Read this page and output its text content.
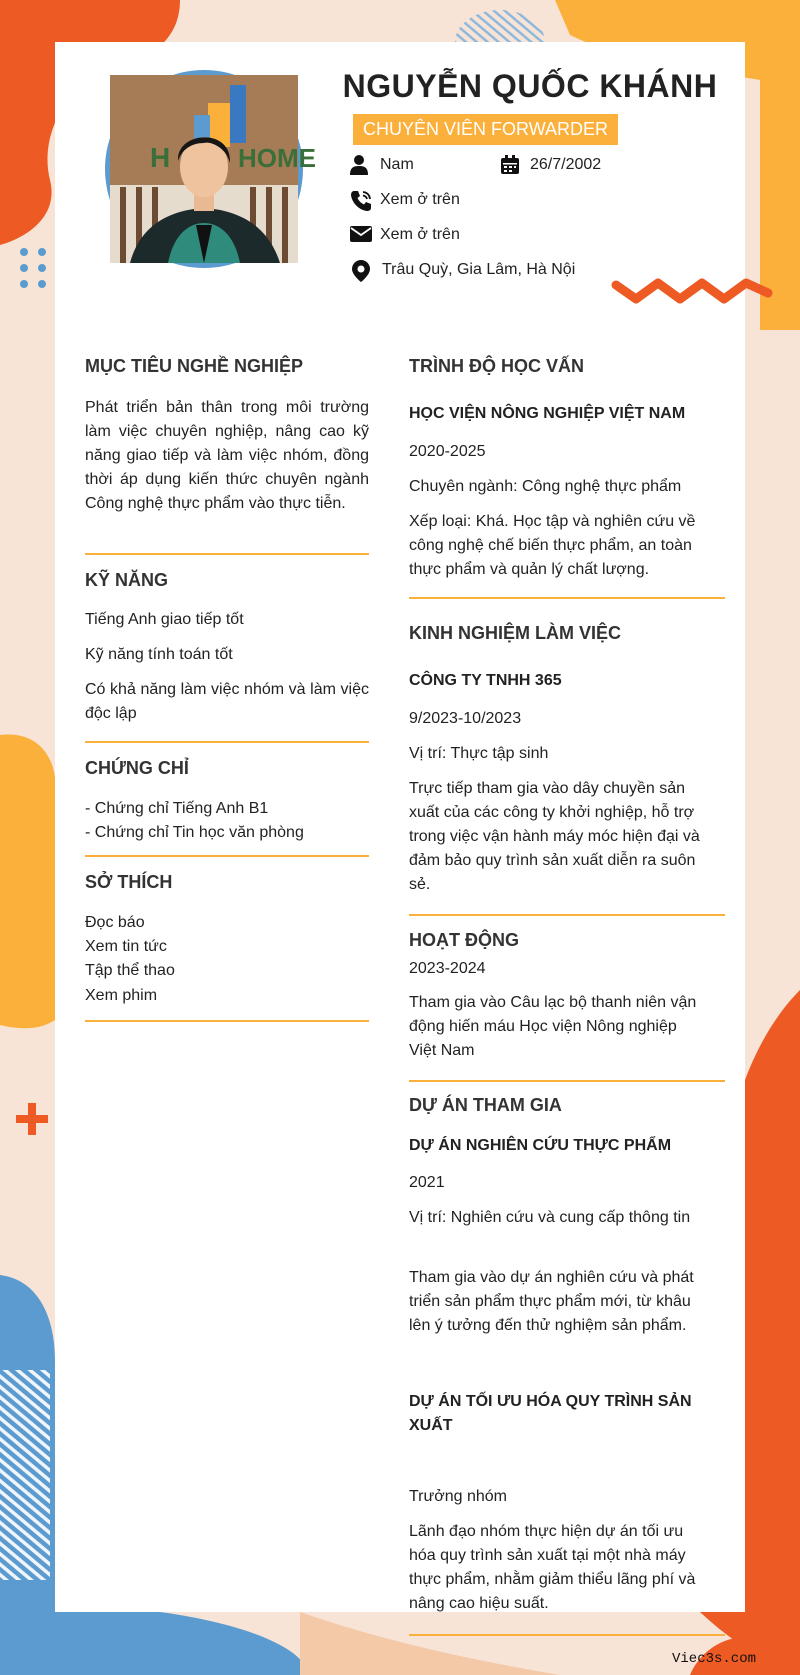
H	HOME
NGUYỄN QUỐC KHÁNH
CHUYÊN VIÊN FORWARDER
Nam	26/7/2002
Xem ở trên
Xem ở trên
Trâu Quỳ, Gia Lâm, Hà Nội
MỤC TIÊU NGHỀ NGHIỆP
Phát triển bản thân trong môi trường làm việc chuyên nghiệp, nâng cao kỹ năng giao tiếp và làm việc nhóm, đồng thời áp dụng kiến thức chuyên ngành Công nghệ thực phẩm vào thực tiễn.
KỸ NĂNG
Tiếng Anh giao tiếp tốt
Kỹ năng tính toán tốt
Có khả năng làm việc nhóm và làm việc độc lập
CHỨNG CHỈ
- Chứng chỉ Tiếng Anh B1
- Chứng chỉ Tin học văn phòng
SỞ THÍCH
Đọc báo
Xem tin tức
Tập thể thao
Xem phim
TRÌNH ĐỘ HỌC VẤN
HỌC VIỆN NÔNG NGHIỆP VIỆT NAM
2020-2025
Chuyên ngành: Công nghệ thực phẩm
Xếp loại: Khá. Học tập và nghiên cứu về công nghệ chế biến thực phẩm, an toàn thực phẩm và quản lý chất lượng.
KINH NGHIỆM LÀM VIỆC
CÔNG TY TNHH 365
9/2023-10/2023
Vị trí: Thực tập sinh
Trực tiếp tham gia vào dây chuyền sản xuất của các công ty khởi nghiệp, hỗ trợ trong việc vận hành máy móc hiện đại và đảm bảo quy trình sản xuất diễn ra suôn sẻ.
HOẠT ĐỘNG
2023-2024
Tham gia vào Câu lạc bộ thanh niên vận động hiến máu Học viện Nông nghiệp Việt Nam
DỰ ÁN THAM GIA
DỰ ÁN NGHIÊN CỨU THỰC PHẨM
2021
Vị trí: Nghiên cứu và cung cấp thông tin
Tham gia vào dự án nghiên cứu và phát triển sản phẩm thực phẩm mới, từ khâu lên ý tưởng đến thử nghiệm sản phẩm.
DỰ ÁN TỐI ƯU HÓA QUY TRÌNH SẢN XUẤT
Trưởng nhóm
Lãnh đạo nhóm thực hiện dự án tối ưu hóa quy trình sản xuất tại một nhà máy thực phẩm, nhằm giảm thiểu lãng phí và nâng cao hiệu suất.
Viec3s.com
